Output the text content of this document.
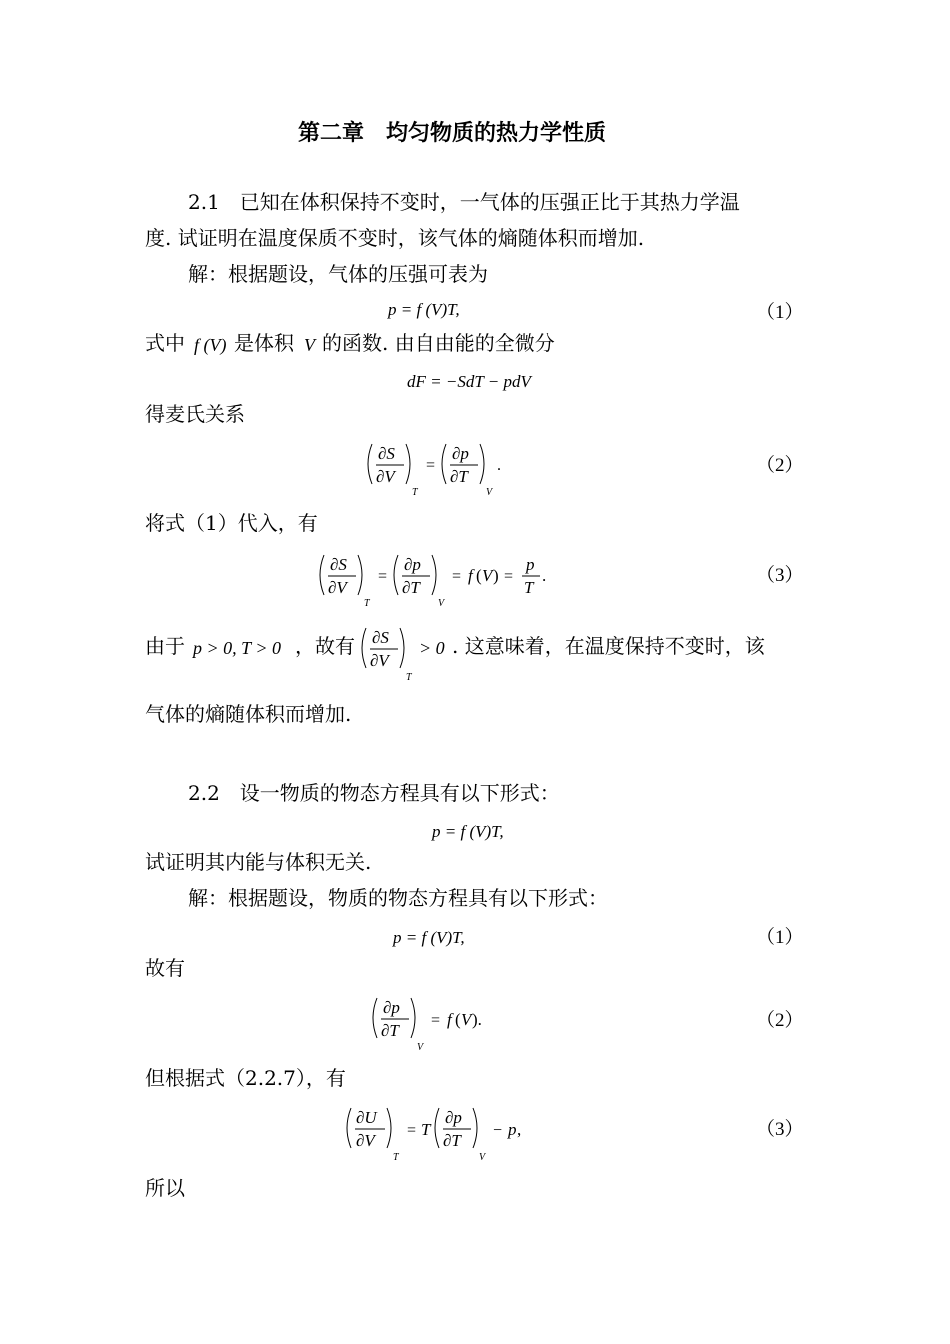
第二章　均匀物质的热力学性质
2.1　已知在体积保持不变时，一气体的压强正比于其热力学温
度. 试证明在温度保质不变时，该气体的熵随体积而增加.
解：根据题设，气体的压强可表为
p = f (V)T,	（1）
式中 f (V) 是体积 V 的函数. 由自由能的全微分
dF = −SdT − pdV
得麦氏关系
∂S
∂V
T
=
∂p
∂T
V
.	（2）
将式（1）代入，有
∂S
∂V
T
=
∂p
∂T
V
= f ( V ) =
p
T
.	（3）
由于 p > 0, T > 0 ，故有 ∂S
∂V
T
> 0 . 这意味着，在温度保持不变时，该
气体的熵随体积而增加.
2.2　设一物质的物态方程具有以下形式：
p = f (V)T,
试证明其内能与体积无关.
解：根据题设，物质的物态方程具有以下形式：
p = f (V)T,	（1）
故有
∂p
∂T
V
= f ( V ).	（2）
但根据式（2.2.7），有
∂U
∂V
T
= T
∂p
∂T
V
− p ,	（3）
所以
